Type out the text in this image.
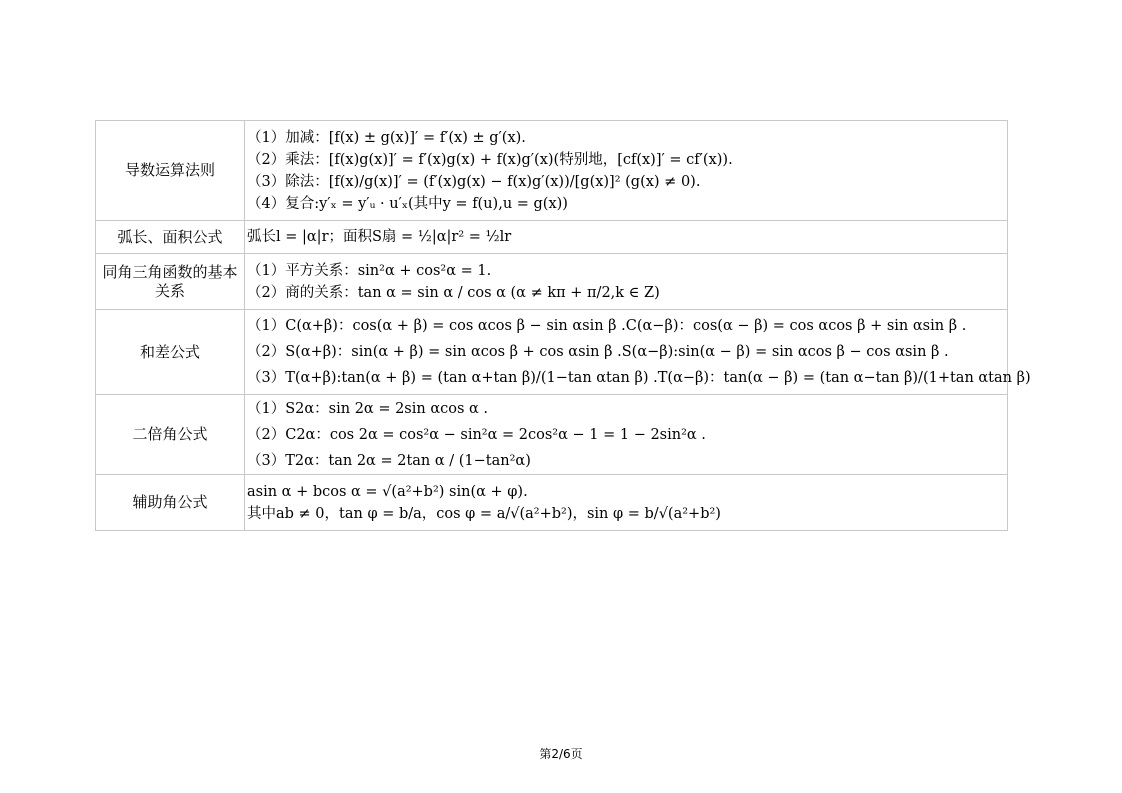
导数运算法则	（1）加减：[f(x) ± g(x)]′ = f′(x) ± g′(x).
（2）乘法：[f(x)g(x)]′ = f′(x)g(x) + f(x)g′(x)(特别地，[cf(x)]′ = cf′(x)).
（3）除法：[f(x)/g(x)]′ = (f′(x)g(x) − f(x)g′(x))/[g(x)]² (g(x) ≠ 0).
（4）复合:y′ₓ = y′ᵤ · u′ₓ(其中y = f(u),u = g(x))

弧长、面积公式	弧长l = |α|r；面积S扇 = ½|α|r² = ½lr

同角三角函数的基本关系	（1）平方关系：sin²α + cos²α = 1.
（2）商的关系：tan α = sin α / cos α (α ≠ kπ + π/2,k ∈ Z)

和差公式	（1）C(α+β)：cos(α + β) = cos αcos β − sin αsin β .C(α−β)：cos(α − β) = cos αcos β + sin αsin β .
（2）S(α+β)：sin(α + β) = sin αcos β + cos αsin β .S(α−β):sin(α − β) = sin αcos β − cos αsin β .
（3）T(α+β):tan(α + β) = (tan α+tan β)/(1−tan αtan β) .T(α−β)：tan(α − β) = (tan α−tan β)/(1+tan αtan β)

二倍角公式	（1）S2α：sin 2α = 2sin αcos α .
（2）C2α：cos 2α = cos²α − sin²α = 2cos²α − 1 = 1 − 2sin²α .
（3）T2α：tan 2α = 2tan α / (1−tan²α)

辅助角公式	asin α + bcos α = √(a²+b²) sin(α + φ).
其中ab ≠ 0，tan φ = b/a，cos φ = a/√(a²+b²)，sin φ = b/√(a²+b²)
第2/6页
